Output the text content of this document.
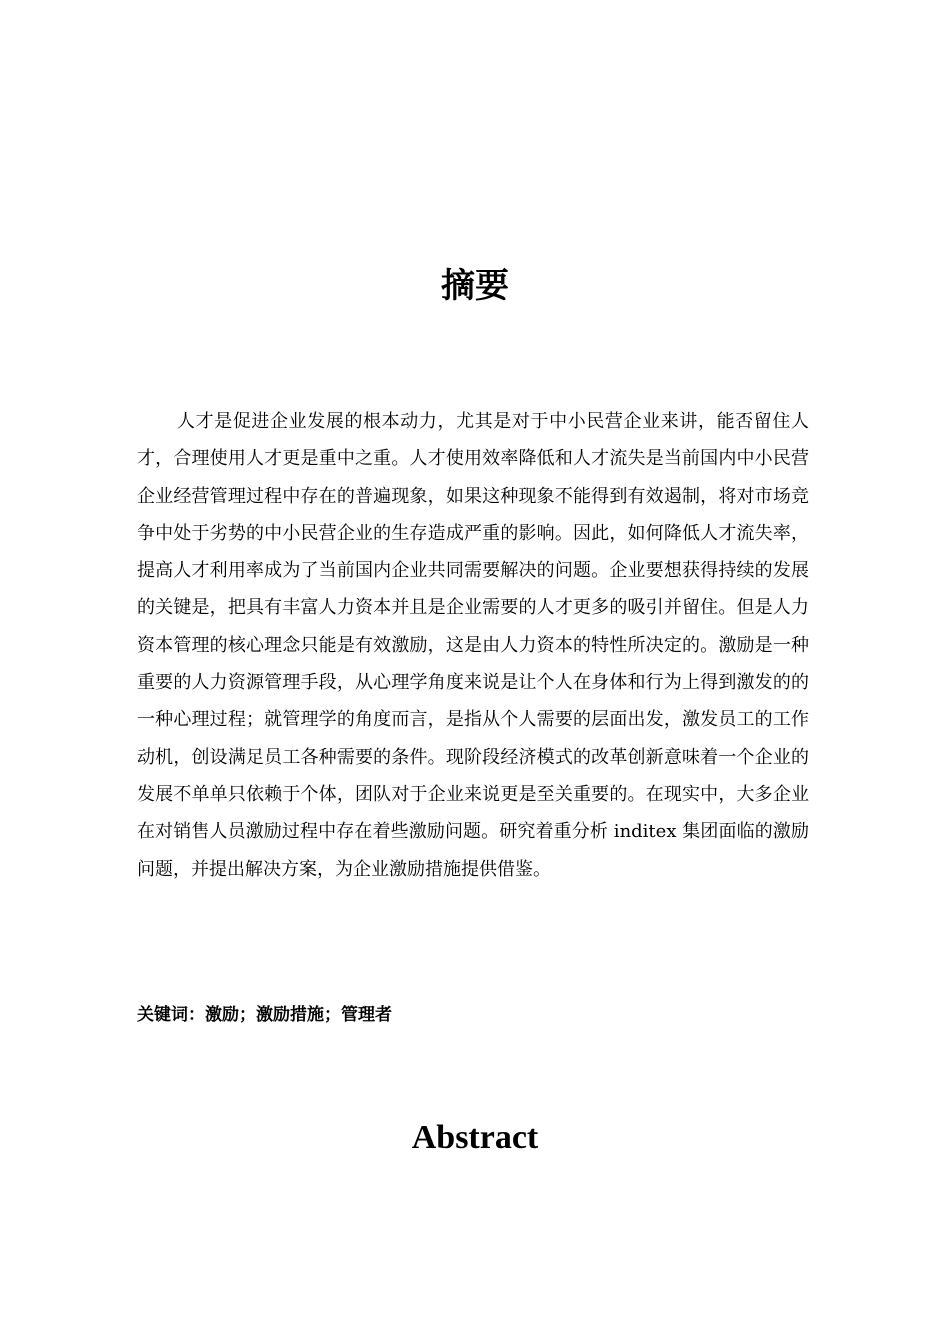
摘要

人才是促进企业发展的根本动力，尤其是对于中小民营企业来讲，能否留住人才，合理使用人才更是重中之重。人才使用效率降低和人才流失是当前国内中小民营企业经营管理过程中存在的普遍现象，如果这种现象不能得到有效遏制，将对市场竞争中处于劣势的中小民营企业的生存造成严重的影响。因此，如何降低人才流失率，提高人才利用率成为了当前国内企业共同需要解决的问题。企业要想获得持续的发展的关键是，把具有丰富人力资本并且是企业需要的人才更多的吸引并留住。但是人力资本管理的核心理念只能是有效激励，这是由人力资本的特性所决定的。激励是一种重要的人力资源管理手段，从心理学角度来说是让个人在身体和行为上得到激发的的一种心理过程；就管理学的角度而言，是指从个人需要的层面出发，激发员工的工作动机，创设满足员工各种需要的条件。现阶段经济模式的改革创新意味着一个企业的发展不单单只依赖于个体，团队对于企业来说更是至关重要的。在现实中，大多企业在对销售人员激励过程中存在着些激励问题。研究着重分析 inditex 集团面临的激励问题，并提出解决方案，为企业激励措施提供借鉴。

关键词：激励；激励措施；管理者

Abstract
